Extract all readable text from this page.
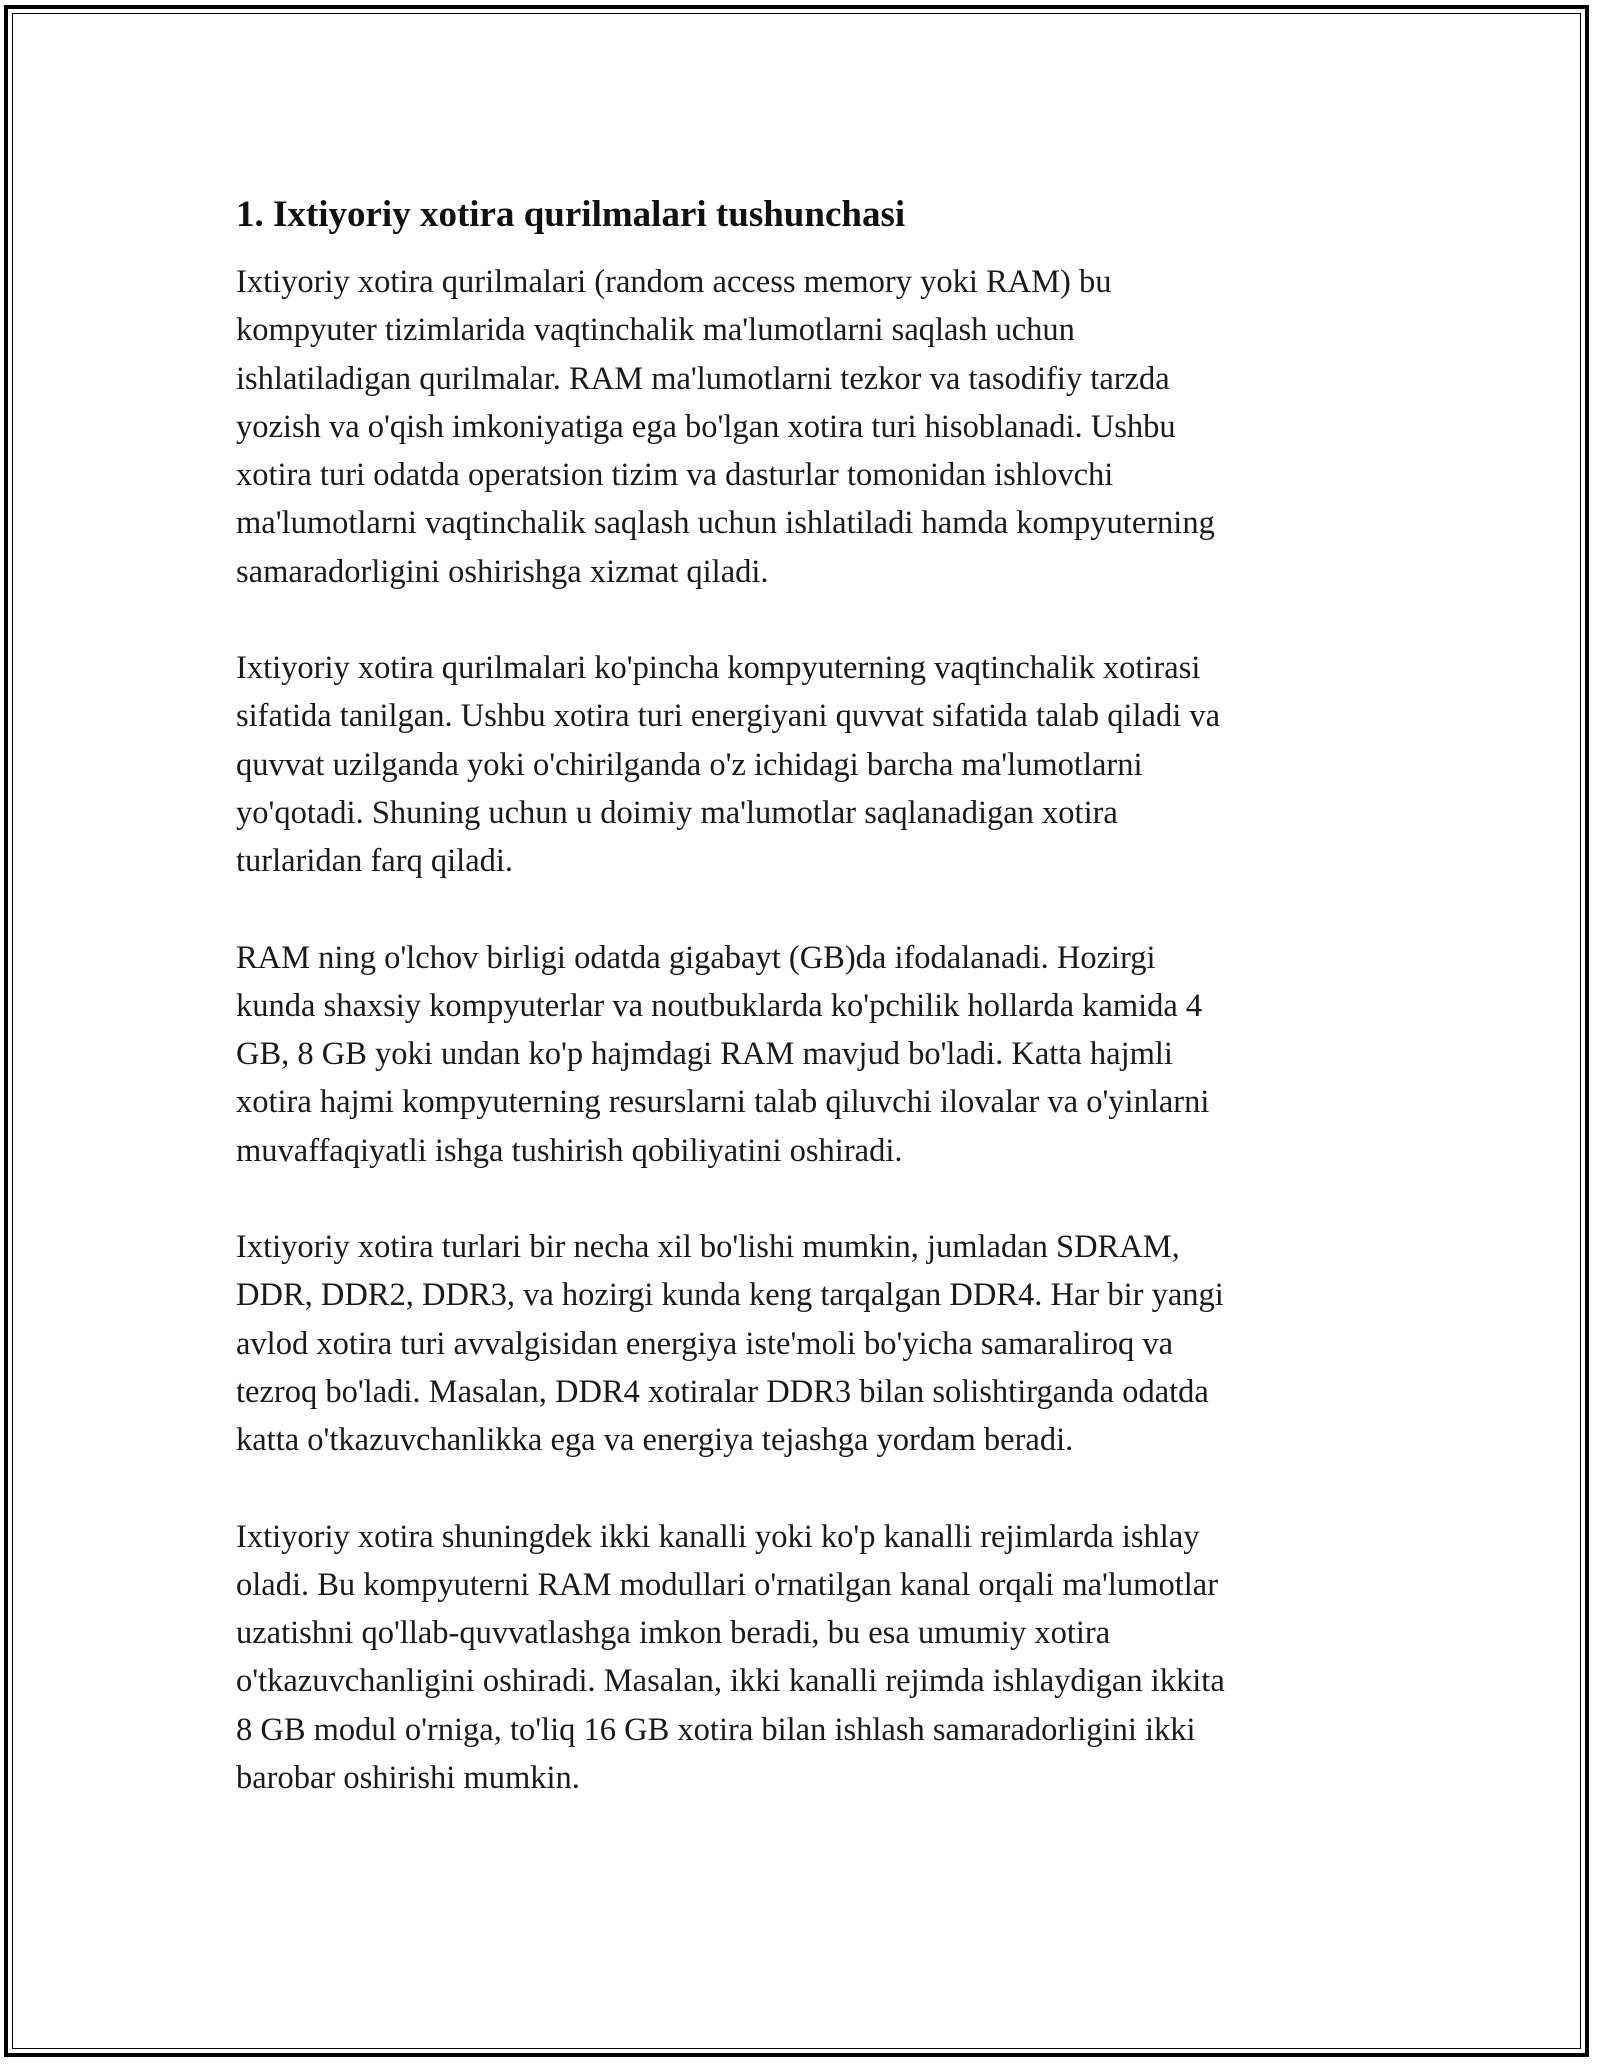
1. Ixtiyoriy xotira qurilmalari tushunchasi

Ixtiyoriy xotira qurilmalari (random access memory yoki RAM) bu
kompyuter tizimlarida vaqtinchalik ma'lumotlarni saqlash uchun
ishlatiladigan qurilmalar. RAM ma'lumotlarni tezkor va tasodifiy tarzda
yozish va o'qish imkoniyatiga ega bo'lgan xotira turi hisoblanadi. Ushbu
xotira turi odatda operatsion tizim va dasturlar tomonidan ishlovchi
ma'lumotlarni vaqtinchalik saqlash uchun ishlatiladi hamda kompyuterning
samaradorligini oshirishga xizmat qiladi.

Ixtiyoriy xotira qurilmalari ko'pincha kompyuterning vaqtinchalik xotirasi
sifatida tanilgan. Ushbu xotira turi energiyani quvvat sifatida talab qiladi va
quvvat uzilganda yoki o'chirilganda o'z ichidagi barcha ma'lumotlarni
yo'qotadi. Shuning uchun u doimiy ma'lumotlar saqlanadigan xotira
turlaridan farq qiladi.

RAM ning o'lchov birligi odatda gigabayt (GB)da ifodalanadi. Hozirgi
kunda shaxsiy kompyuterlar va noutbuklarda ko'pchilik hollarda kamida 4
GB, 8 GB yoki undan ko'p hajmdagi RAM mavjud bo'ladi. Katta hajmli
xotira hajmi kompyuterning resurslarni talab qiluvchi ilovalar va o'yinlarni
muvaffaqiyatli ishga tushirish qobiliyatini oshiradi.

Ixtiyoriy xotira turlari bir necha xil bo'lishi mumkin, jumladan SDRAM,
DDR, DDR2, DDR3, va hozirgi kunda keng tarqalgan DDR4. Har bir yangi
avlod xotira turi avvalgisidan energiya iste'moli bo'yicha samaraliroq va
tezroq bo'ladi. Masalan, DDR4 xotiralar DDR3 bilan solishtirganda odatda
katta o'tkazuvchanlikka ega va energiya tejashga yordam beradi.

Ixtiyoriy xotira shuningdek ikki kanalli yoki ko'p kanalli rejimlarda ishlay
oladi. Bu kompyuterni RAM modullari o'rnatilgan kanal orqali ma'lumotlar
uzatishni qo'llab-quvvatlashga imkon beradi, bu esa umumiy xotira
o'tkazuvchanligini oshiradi. Masalan, ikki kanalli rejimda ishlaydigan ikkita
8 GB modul o'rniga, to'liq 16 GB xotira bilan ishlash samaradorligini ikki
barobar oshirishi mumkin.
